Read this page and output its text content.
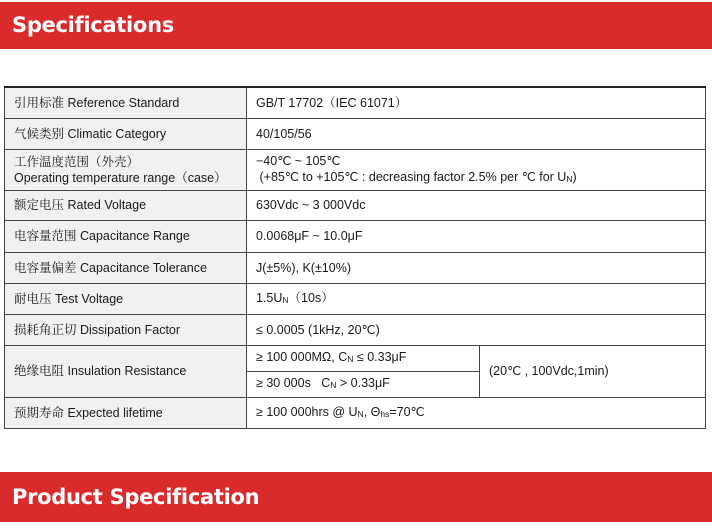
Specifications
引用标准 Reference Standard	GB/T 17702（IEC 61071）	
气候类别 Climatic Category	40/105/56	

工作温度范围（外壳）
Operating temperature range（case）	−40℃ ~ 105℃
(+85℃ to +105℃ : decreasing factor 2.5% per ℃ for $U_N$)	

额定电压 Rated Voltage	630Vdc ~ 3 000Vdc	
电容量范围 Capacitance Range	0.0068μF ~ 10.0μF	
电容量偏差 Capacitance Tolerance	J(±5%), K(±10%)	
耐电压 Test Voltage	$1.5U_N(10s)$	
损耗角正切 Dissipation Factor	≤ 0.0005 (1kHz, 20℃)	
绝缘电阻 Insulation Resistance	≥ 100 000MΩ, $C_N \le 0.33\mu F$	(20℃ , 100Vdc,1min)
	≥ 30 000s   $C_N > 0.33\mu F$	
预期寿命 Expected lifetime	≥ 100 000hrs @ $U_N$, $\Theta_{hs}=70℃$	
Product Specification
